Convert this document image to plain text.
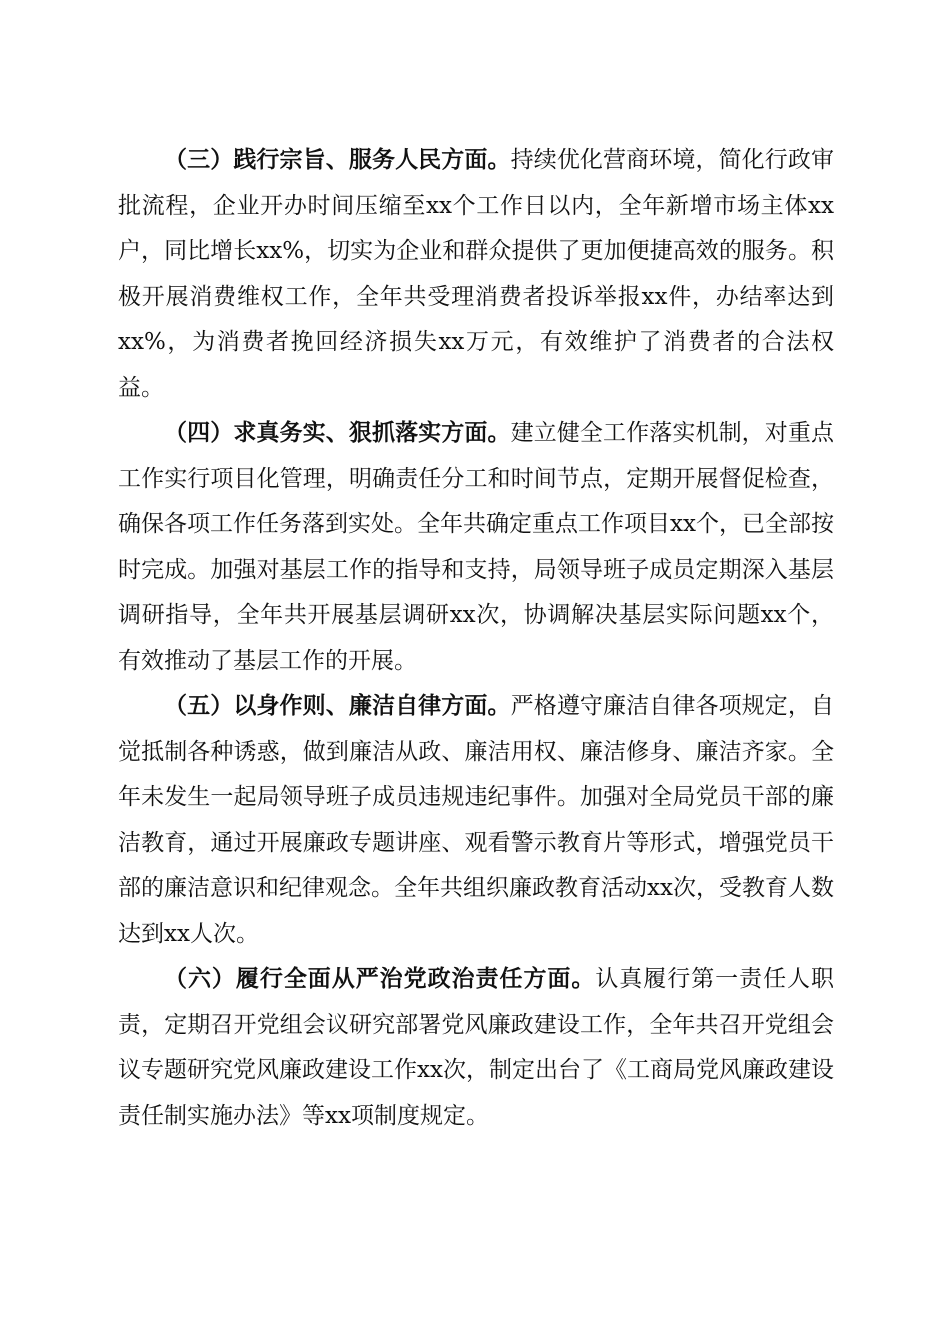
（三）践行宗旨、服务人民方面。持续优化营商环境，简化行政审批流程，企业开办时间压缩至xx个工作日以内，全年新增市场主体xx户，同比增长xx%，切实为企业和群众提供了更加便捷高效的服务。积极开展消费维权工作，全年共受理消费者投诉举报xx件，办结率达到xx%，为消费者挽回经济损失xx万元，有效维护了消费者的合法权益。

（四）求真务实、狠抓落实方面。建立健全工作落实机制，对重点工作实行项目化管理，明确责任分工和时间节点，定期开展督促检查，确保各项工作任务落到实处。全年共确定重点工作项目xx个，已全部按时完成。加强对基层工作的指导和支持，局领导班子成员定期深入基层调研指导，全年共开展基层调研xx次，协调解决基层实际问题xx个，有效推动了基层工作的开展。

（五）以身作则、廉洁自律方面。严格遵守廉洁自律各项规定，自觉抵制各种诱惑，做到廉洁从政、廉洁用权、廉洁修身、廉洁齐家。全年未发生一起局领导班子成员违规违纪事件。加强对全局党员干部的廉洁教育，通过开展廉政专题讲座、观看警示教育片等形式，增强党员干部的廉洁意识和纪律观念。全年共组织廉政教育活动xx次，受教育人数达到xx人次。

（六）履行全面从严治党政治责任方面。认真履行第一责任人职责，定期召开党组会议研究部署党风廉政建设工作，全年共召开党组会议专题研究党风廉政建设工作xx次，制定出台了《工商局党风廉政建设责任制实施办法》等xx项制度规定。
